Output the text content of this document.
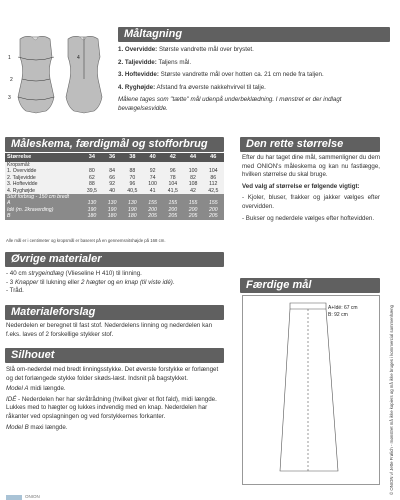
Måltagning
1
2
3
4
1. Overvidde: Største vandrette mål over brystet.
2. Taljevidde: Taljens mål.
3. Hoftevidde: Største vandrette mål over hotten ca. 21 cm nede fra taljen.
4. Ryghøjde: Afstand fra øverste nakkehvirvel til talje.
Målene tages som "tætte" mål udenpå underbeklædning. I mønstret er der indlagt bevægelsesvidde.
Måleskema, færdigmål og stofforbrug
Størrelse	34	36	38	40	42	44	46
Kropsmål:							
1. Overvidde	80	84	88	92	96	100	104
2. Taljevidde	62	66	70	74	78	82	86
3. Hoftevidde	88	92	96	100	104	108	112
4. Ryghøjde	39,5	40	40,5	41	41,5	42	42,5
Stof forbrug - 150 cm bredt							
A	130	130	130	155	155	155	155
Idé (m. 2kraverding)	190	190	190	200	200	200	200
B	180	180	180	205	205	205	205
Alle mål er i centimeter og kropsmål er baseret på en gennemsnitshøjde på 168 cm.
Øvrige materialer
- 40 cm strygeindlæg (Vlieseline H 410) til linning.
- 3 Knapper til lukning eller 2 hægter og en knap (til viste idé).
- Tråd.
Materialeforslag
Nederdelen er beregnet til fast stof. Nederdelens linning og nederdelen kan f.eks. laves of 2 forskellige stykker stof.
Silhouet
Slå om-nederdel med bredt linningsstykke. Det øverste forstykke er forlænget og det forlængede stykke folder skøds-læst. Indsnit på bagstykket.
Model A midi længde.
IDÉ - Nederdelen her har skråtrådning (hvilket giver et flot fald), midi længde. Lukkes med to hægter og lukkes indvendig med en knap. Nederdelen har råkanter ved opslagningen og ved forstykkernes forkanter.
Model B maxi længde.
Den rette størrelse
Efter du har taget dine mål, sammenligner du dem med ONION's måleskema og kan nu fastlægge, hvilken størrelse du skal bruge.
Ved valg af størrelse er følgende vigtigt:
- Kjoler, bluser, frakker og jakker vælges efter overvidden.
- Bukser og nederdele vælges efter hoftevidden.
Færdige mål
A+Idé: 67 cm
B: 92 cm	© ONION v/ Jette Frølich - mønstret må ikke kopiers og må ikke bruges i kommercial sammenhæng
ONION
